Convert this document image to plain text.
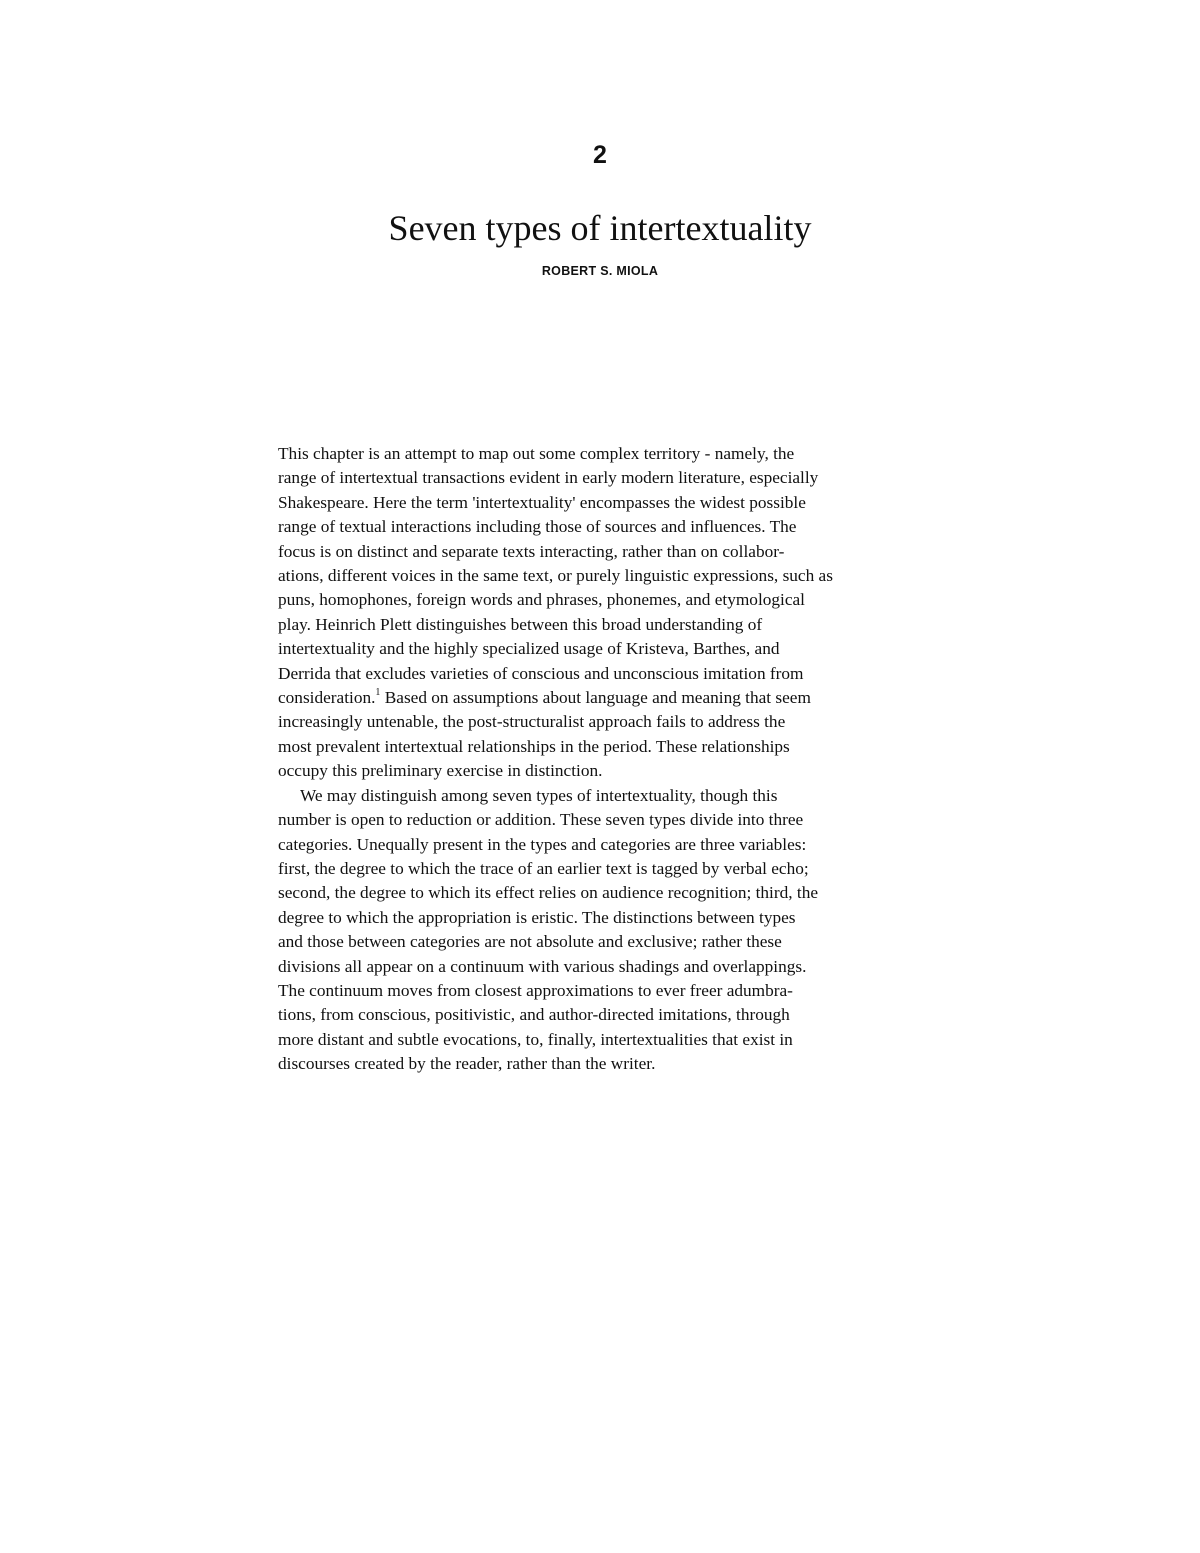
2
Seven types of intertextuality
ROBERT S. MIOLA
This chapter is an attempt to map out some complex territory - namely, the
range of intertextual transactions evident in early modern literature, especially
Shakespeare. Here the term 'intertextuality' encompasses the widest possible
range of textual interactions including those of sources and influences. The
focus is on distinct and separate texts interacting, rather than on collabor-
ations, different voices in the same text, or purely linguistic expressions, such as
puns, homophones, foreign words and phrases, phonemes, and etymological
play. Heinrich Plett distinguishes between this broad understanding of
intertextuality and the highly specialized usage of Kristeva, Barthes, and
Derrida that excludes varieties of conscious and unconscious imitation from
consideration.$^1$ Based on assumptions about language and meaning that seem
increasingly untenable, the post-structuralist approach fails to address the
most prevalent intertextual relationships in the period. These relationships
occupy this preliminary exercise in distinction.
We may distinguish among seven types of intertextuality, though this
number is open to reduction or addition. These seven types divide into three
categories. Unequally present in the types and categories are three variables:
first, the degree to which the trace of an earlier text is tagged by verbal echo;
second, the degree to which its effect relies on audience recognition; third, the
degree to which the appropriation is eristic. The distinctions between types
and those between categories are not absolute and exclusive; rather these
divisions all appear on a continuum with various shadings and overlappings.
The continuum moves from closest approximations to ever freer adumbra-
tions, from conscious, positivistic, and author-directed imitations, through
more distant and subtle evocations, to, finally, intertextualities that exist in
discourses created by the reader, rather than the writer.
